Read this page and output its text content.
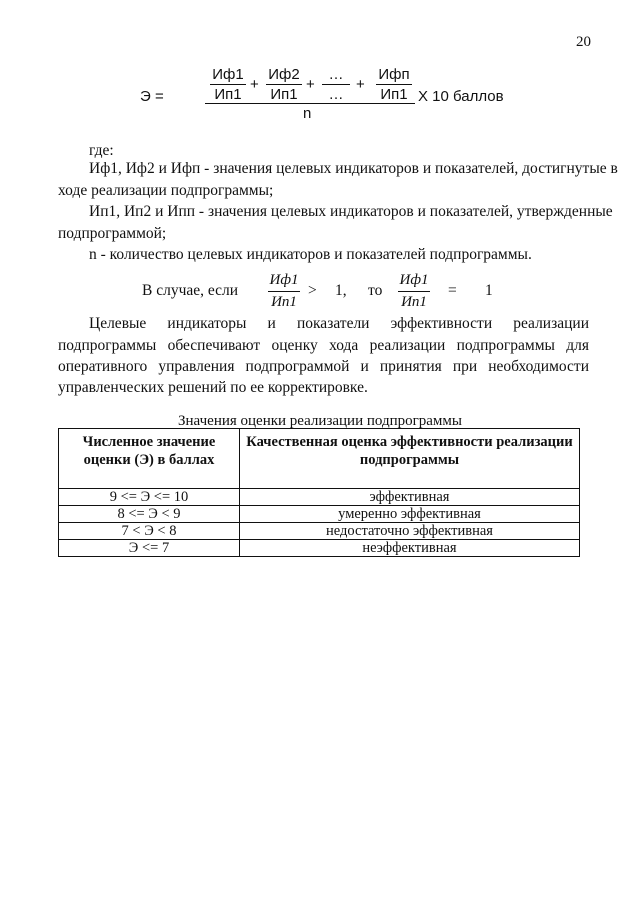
20
Э =
Иф1
Ип1
+
Иф2
Ип1
+
…
…
+
Ифп
Ип1 X 10 баллов
n
где:
Иф1, Иф2 и Ифп - значения целевых индикаторов и показателей, достигнутые в
ходе реализации подпрограммы;
Ип1, Ип2 и Ипп - значения целевых индикаторов и показателей, утвержденные
подпрограммой;
n - количество целевых индикаторов и показателей подпрограммы.
В случае, если
Иф1
Ип1
> 1, то
Иф1
Ип1
= 1
Целевые индикаторы и показатели эффективности реализации
подпрограммы обеспечивают оценку хода реализации подпрограммы для
оперативного управления подпрограммой и принятия при необходимости
управленческих решений по ее корректировке.
Значения оценки реализации подпрограммы
Численное значение оценки (Э) в баллах	Качественная оценка эффективности реализации подпрограммы
9 <= Э <= 10	эффективная
8 <= Э < 9	умеренно эффективная
7 < Э < 8	недостаточно эффективная
Э <= 7	неэффективная
